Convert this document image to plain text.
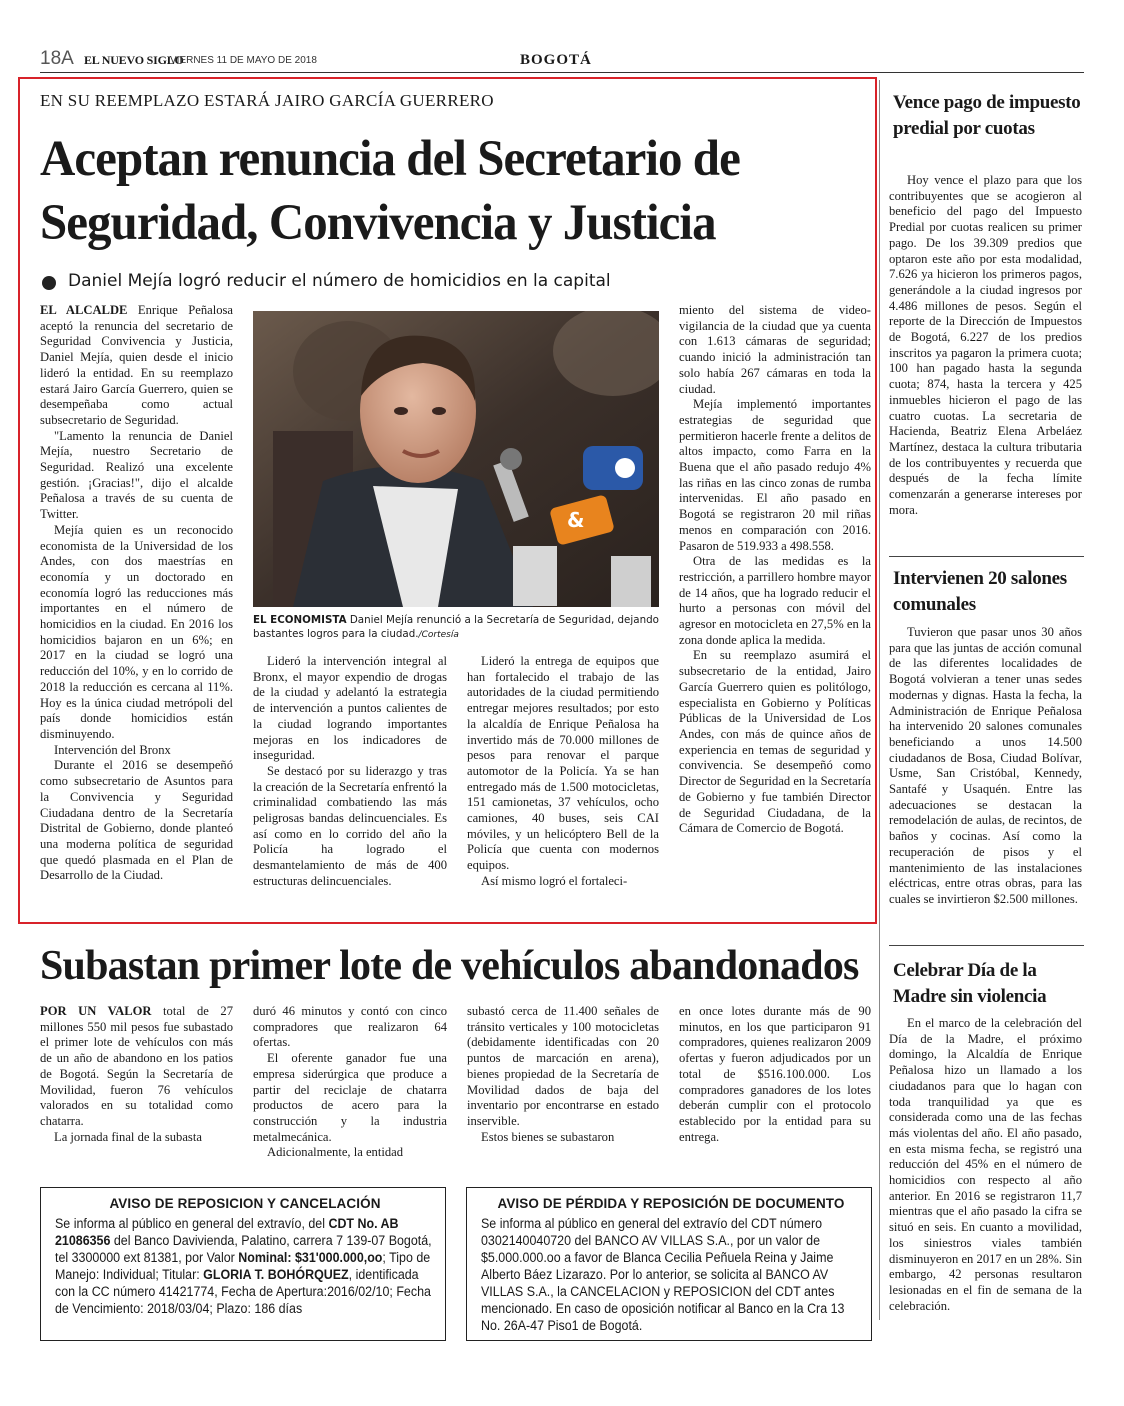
18A EL NUEVO SIGLO
VIERNES 11 DE MAYO DE 2018	BOGOTÁ
EN SU REEMPLAZO ESTARÁ JAIRO GARCÍA GUERRERO
Aceptan renuncia del Secretario de Seguridad, Convivencia y Justicia
Daniel Mejía logró reducir el número de homicidios en la capital

EL ALCALDE Enrique Peñalosa aceptó la renuncia del secretario de Seguridad Convivencia y Justicia, Daniel Mejía, quien desde el inicio lideró la entidad. En su reemplazo estará Jairo García Guerrero, quien se desempeñaba como actual subsecretario de Seguridad.

"Lamento la renuncia de Daniel Mejía, nuestro Secretario de Seguridad. Realizó una excelente gestión. ¡Gracias!", dijo el alcalde Peñalosa a través de su cuenta de Twitter.

Mejía quien es un reconocido economista de la Universidad de los Andes, con dos maestrías en economía y un doctorado en economía logró las reducciones más importantes en el número de homicidios en la ciudad. En 2016 los homicidios bajaron en un 6%; en 2017 en la ciudad se logró una reducción del 10%, y en lo corrido de 2018 la reducción es cercana al 11%. Hoy es la única ciudad metrópoli del país donde homicidios están disminuyendo.

Intervención del Bronx

Durante el 2016 se desempeñó como subsecretario de Asuntos para la Convivencia y Seguridad Ciudadana dentro de la Secretaría Distrital de Gobierno, donde planteó una moderna política de seguridad que quedó plasmada en el Plan de Desarrollo de la Ciudad.

&
EL ECONOMISTA Daniel Mejía renunció a la Secretaría de Seguridad, dejando bastantes logros para la ciudad./Cortesía

Lideró la intervención integral al Bronx, el mayor expendio de drogas de la ciudad y adelantó la estrategia de intervención a puntos calientes de la ciudad logrando importantes mejoras en los indicadores de inseguridad.

Se destacó por su liderazgo y tras la creación de la Secretaría enfrentó la criminalidad combatiendo las más peligrosas bandas delincuenciales. Es así como en lo corrido del año la Policía ha logrado el desmantelamiento de más de 400 estructuras delincuenciales.

Lideró la entrega de equipos que han fortalecido el trabajo de las autoridades de la ciudad permitiendo entregar mejores resultados; por esto la alcaldía de Enrique Peñalosa ha invertido más de 70.000 millones de pesos para renovar el parque automotor de la Policía. Ya se han entregado más de 1.500 motocicletas, 151 camionetas, 37 vehículos, ocho camiones, 40 buses, seis CAI móviles, y un helicóptero Bell de la Policía que cuenta con modernos equipos.

Así mismo logró el fortaleci-

miento del sistema de video-vigilancia de la ciudad que ya cuenta con 1.613 cámaras de seguridad; cuando inició la administración tan solo había 267 cámaras en toda la ciudad.

Mejía implementó importantes estrategias de seguridad que permitieron hacerle frente a delitos de altos impacto, como Farra en la Buena que el año pasado redujo 4% las riñas en las cinco zonas de rumba intervenidas. El año pasado en Bogotá se registraron 20 mil riñas menos en comparación con 2016. Pasaron de 519.933 a 498.558.

Otra de las medidas es la restricción, a parrillero hombre mayor de 14 años, que ha logrado reducir el hurto a personas con móvil del agresor en motocicleta en 27,5% en la zona donde aplica la medida.

En su reemplazo asumirá el subsecretario de la entidad, Jairo García Guerrero quien es politólogo, especialista en Gobierno y Políticas Públicas de la Universidad de Los Andes, con más de quince años de experiencia en temas de seguridad y convivencia. Se desempeñó como Director de Seguridad en la Secretaría de Gobierno y fue también Director de Seguridad Ciudadana, de la Cámara de Comercio de Bogotá.

Vence pago de impuesto predial por cuotas

Hoy vence el plazo para que los contribuyentes que se acogieron al beneficio del pago del Impuesto Predial por cuotas realicen su primer pago. De los 39.309 predios que optaron este año por esta modalidad, 7.626 ya hicieron los primeros pagos, generándole a la ciudad ingresos por 4.486 millones de pesos. Según el reporte de la Dirección de Impuestos de Bogotá, 6.227 de los predios inscritos ya pagaron la primera cuota; 100 han pagado hasta la segunda cuota; 874, hasta la tercera y 425 inmuebles hicieron el pago de las cuatro cuotas. La secretaria de Hacienda, Beatriz Elena Arbeláez Martínez, destaca la cultura tributaria de los contribuyentes y recuerda que después de la fecha límite comenzarán a generarse intereses por mora.

Intervienen 20 salones comunales

Tuvieron que pasar unos 30 años para que las juntas de acción comunal de las diferentes localidades de Bogotá volvieran a tener unas sedes modernas y dignas. Hasta la fecha, la Administración de Enrique Peñalosa ha intervenido 20 salones comunales beneficiando a unos 14.500 ciudadanos de Bosa, Ciudad Bolívar, Usme, San Cristóbal, Kennedy, Santafé y Usaquén. Entre las adecuaciones se destacan la remodelación de aulas, de recintos, de baños y cocinas. Así como la recuperación de pisos y el mantenimiento de las instalaciones eléctricas, entre otras obras, para las cuales se invirtieron $2.500 millones.

Celebrar Día de la Madre sin violencia

En el marco de la celebración del Día de la Madre, el próximo domingo, la Alcaldía de Enrique Peñalosa hizo un llamado a los ciudadanos para que lo hagan con toda tranquilidad ya que es considerada como una de las fechas más violentas del año. El año pasado, en esta misma fecha, se registró una reducción del 45% en el número de homicidios con respecto al año anterior. En 2016 se registraron 11,7 mientras que el año pasado la cifra se situó en seis. En cuanto a movilidad, los siniestros viales también disminuyeron en 2017 en un 28%. Sin embargo, 42 personas resultaron lesionadas en el fin de semana de la celebración.

Subastan primer lote de vehículos abandonados

POR UN VALOR total de 27 millones 550 mil pesos fue subastado el primer lote de vehículos con más de un año de abandono en los patios de Bogotá. Según la Secretaría de Movilidad, fueron 76 vehículos valorados en su totalidad como chatarra.

La jornada final de la subasta

duró 46 minutos y contó con cinco compradores que realizaron 64 ofertas.

El oferente ganador fue una empresa siderúrgica que produce a partir del reciclaje de chatarra productos de acero para la construcción y la industria metalmecánica.

Adicionalmente, la entidad

subastó cerca de 11.400 señales de tránsito verticales y 100 motocicletas (debidamente identificadas con 20 puntos de marcación en arena), bienes propiedad de la Secretaría de Movilidad dados de baja del inventario por encontrarse en estado inservible.

Estos bienes se subastaron

en once lotes durante más de 90 minutos, en los que participaron 91 compradores, quienes realizaron 2009 ofertas y fueron adjudicados por un total de $516.100.000. Los compradores ganadores de los lotes deberán cumplir con el protocolo establecido por la entidad para su entrega.

AVISO DE REPOSICION Y CANCELACIÓN
Se informa al público en general del extravío, del CDT No. AB 21086356 del Banco Davivienda, Palatino, carrera 7 139-07 Bogotá, tel 3300000 ext 81381, por Valor Nominal: $31'000.000,oo; Tipo de Manejo: Individual; Titular: GLORIA T. BOHÓRQUEZ, identificada con la CC número 41421774, Fecha de Apertura:2016/02/10; Fecha de Vencimiento: 2018/03/04; Plazo: 186 días
AVISO DE PÉRDIDA Y REPOSICIÓN DE DOCUMENTO
Se informa al público en general del extravío del CDT número 0302140040720 del BANCO AV VILLAS S.A., por un valor de $5.000.000.oo a favor de Blanca Cecilia Peñuela Reina y Jaime Alberto Báez Lizarazo. Por lo anterior, se solicita al BANCO AV VILLAS S.A., la CANCELACION y REPOSICION del CDT antes mencionado. En caso de oposición notificar al Banco en la Cra 13 No. 26A-47 Piso1 de Bogotá.
